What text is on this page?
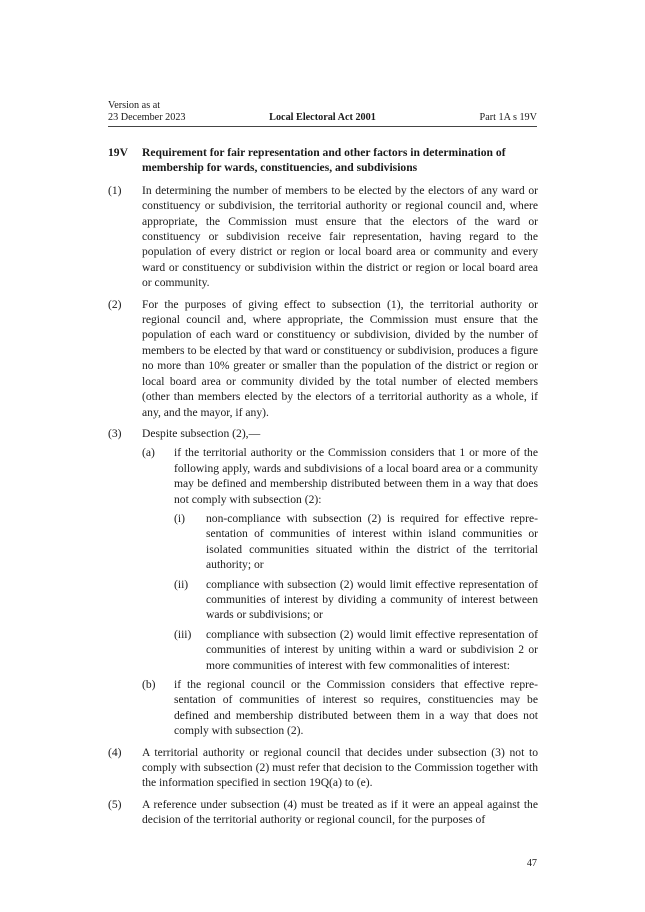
Version as at
23 December 2023	Local Electoral Act 2001	Part 1A s 19V
19V Requirement for fair representation and other factors in determination of membership for wards, constituencies, and subdivisions
(1) In determining the number of members to be elected by the electors of any ward or constituency or subdivision, the territorial authority or regional council and, where appropriate, the Commission must ensure that the electors of the ward or constituency or subdivision receive fair representation, having regard to the population of every district or region or local board area or community and every ward or constituency or subdivision within the district or region or local board area or community.
(2) For the purposes of giving effect to subsection (1), the territorial authority or regional council and, where appropriate, the Commission must ensure that the population of each ward or constituency or subdivision, divided by the number of members to be elected by that ward or constituency or subdivision, produces a figure no more than 10% greater or smaller than the population of the district or region or local board area or community divided by the total number of elected members (other than members elected by the electors of a territorial authority as a whole, if any, and the mayor, if any).
(3) Despite subsection (2),—
(a) if the territorial authority or the Commission considers that 1 or more of the following apply, wards and subdivisions of a local board area or a community may be defined and membership distributed between them in a way that does not comply with subsection (2):
(i) non-compliance with subsection (2) is required for effective representation of communities of interest within island communities or isolated communities situated within the district of the territorial authority; or
(ii) compliance with subsection (2) would limit effective representation of communities of interest by dividing a community of interest between wards or subdivisions; or
(iii) compliance with subsection (2) would limit effective representation of communities of interest by uniting within a ward or subdivision 2 or more communities of interest with few commonalities of interest:
(b) if the regional council or the Commission considers that effective representation of communities of interest so requires, constituencies may be defined and membership distributed between them in a way that does not comply with subsection (2).
(4) A territorial authority or regional council that decides under subsection (3) not to comply with subsection (2) must refer that decision to the Commission together with the information specified in section 19Q(a) to (e).
(5) A reference under subsection (4) must be treated as if it were an appeal against the decision of the territorial authority or regional council, for the purposes of
47
